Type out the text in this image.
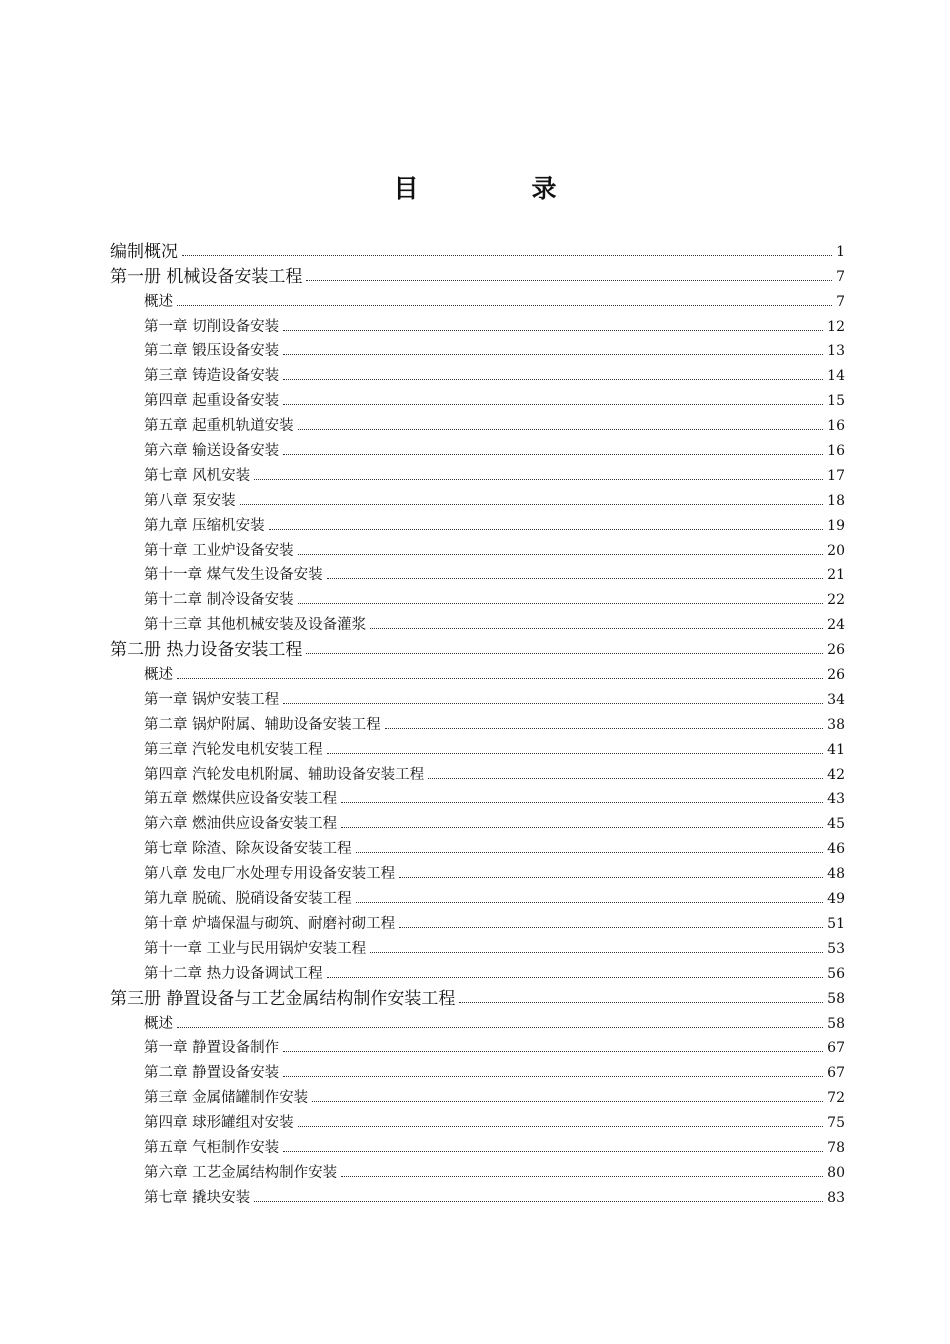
目　录
编制概况	1
第一册 机械设备安装工程	7
概述	7
第一章 切削设备安装	12
第二章 锻压设备安装	13
第三章 铸造设备安装	14
第四章 起重设备安装	15
第五章 起重机轨道安装	16
第六章 输送设备安装	16
第七章 风机安装	17
第八章 泵安装	18
第九章 压缩机安装	19
第十章 工业炉设备安装	20
第十一章 煤气发生设备安装	21
第十二章 制冷设备安装	22
第十三章 其他机械安装及设备灌浆	24
第二册 热力设备安装工程	26
概述	26
第一章 锅炉安装工程	34
第二章 锅炉附属、辅助设备安装工程	38
第三章 汽轮发电机安装工程	41
第四章 汽轮发电机附属、辅助设备安装工程	42
第五章 燃煤供应设备安装工程	43
第六章 燃油供应设备安装工程	45
第七章 除渣、除灰设备安装工程	46
第八章 发电厂水处理专用设备安装工程	48
第九章 脱硫、脱硝设备安装工程	49
第十章 炉墙保温与砌筑、耐磨衬砌工程	51
第十一章 工业与民用锅炉安装工程	53
第十二章 热力设备调试工程	56
第三册 静置设备与工艺金属结构制作安装工程	58
概述	58
第一章 静置设备制作	67
第二章 静置设备安装	67
第三章 金属储罐制作安装	72
第四章 球形罐组对安装	75
第五章 气柜制作安装	78
第六章 工艺金属结构制作安装	80
第七章 撬块安装	83
